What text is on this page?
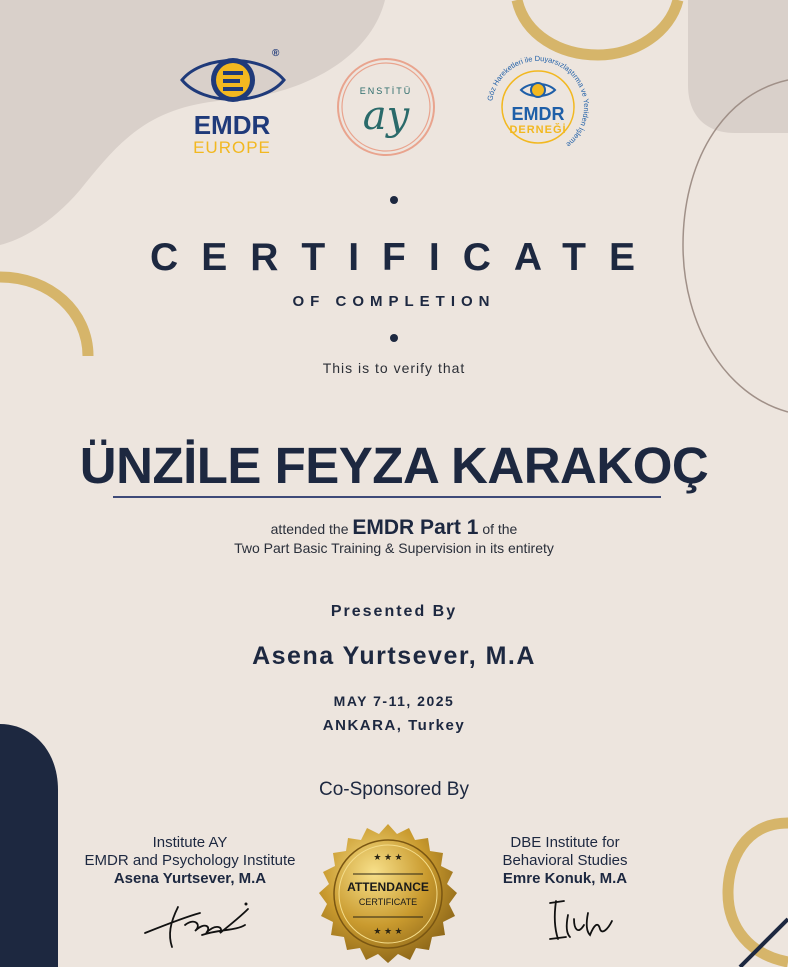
®
EMDR
EUROPE
ENSTİTÜ
ay	Göz Hareketleri ile Duyarsızlaştırma ve Yeniden İşleme
EMDR
DERNEĞİ
CERTIFICATE
OF COMPLETION
This is to verify that
ÜNZİLE FEYZA KARAKOÇ
attended the EMDR Part 1 of the
Two Part Basic Training & Supervision in its entirety
Presented By
Asena Yurtsever, M.A
MAY 7-11, 2025
ANKARA, Turkey
Co-Sponsored By
Institute AY
EMDR and Psychology Institute
Asena Yurtsever, M.A
DBE Institute for
Behavioral Studies
Emre Konuk, M.A
★ ★ ★
ATTENDANCE
CERTIFICATE
★ ★ ★
